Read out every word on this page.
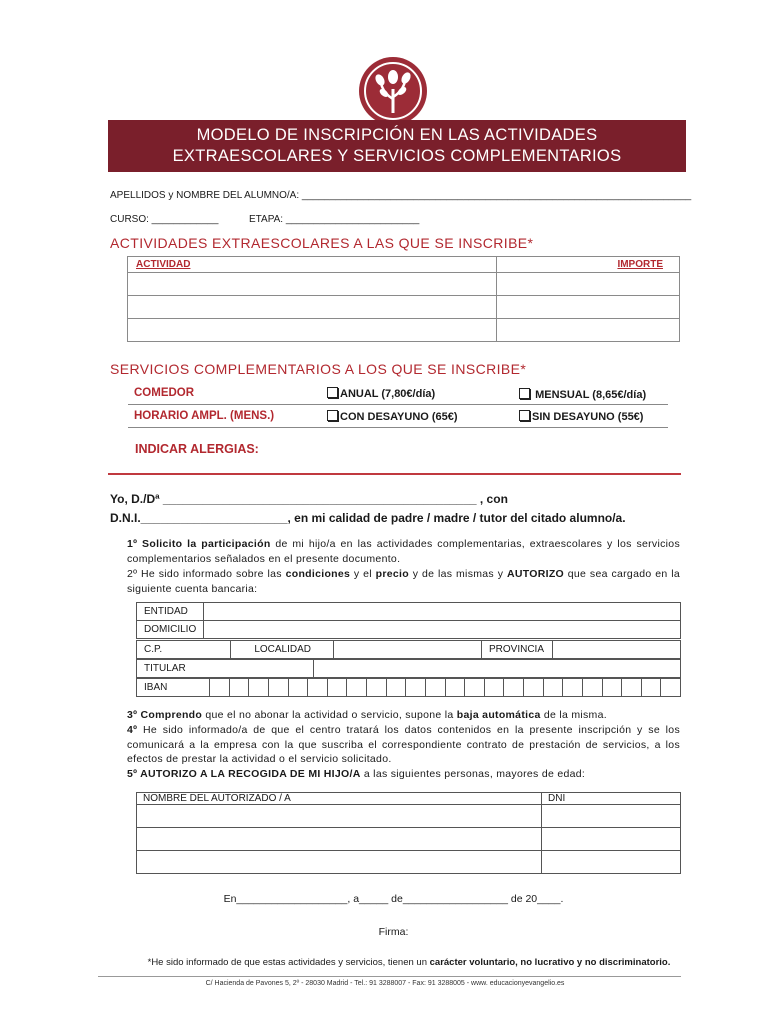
MODELO DE INSCRIPCIÓN EN LAS ACTIVIDADES
EXTRAESCOLARES Y SERVICIOS COMPLEMENTARIOS
APELLIDOS y NOMBRE DEL ALUMNO/A: ______________________________________________________________________
CURSO: ____________	ETAPA: ________________________
ACTIVIDADES EXTRAESCOLARES A LAS QUE SE INSCRIBE*
ACTIVIDAD	IMPORTE

SERVICIOS COMPLEMENTARIOS A LOS QUE SE INSCRIBE*
COMEDOR	ANUAL (7,80€/día)	MENSUAL (8,65€/día)
HORARIO AMPL. (MENS.)	CON DESAYUNO (65€)	SIN DESAYUNO (55€)
INDICAR ALERGIAS:
Yo, D./Dª _______________________________________________ , con
D.N.I.______________________, en mi calidad de padre / madre / tutor del citado alumno/a.
1º Solicito la participación de mi hijo/a en las actividades complementarias, extraescolares y los servicios complementarios señalados en el presente documento.
2º He sido informado sobre las condiciones y el precio y de las mismas y AUTORIZO que sea cargado en la siguiente cuenta bancaria:
ENTIDAD	
DOMICILIO	
C.P.	LOCALIDAD		PROVINCIA	
TITULAR	
IBAN																								
3º Comprendo que el no abonar la actividad o servicio, supone la baja automática de la misma.
4º He sido informado/a de que el centro tratará los datos contenidos en la presente inscripción y se los comunicará a la empresa con la que suscriba el correspondiente contrato de prestación de servicios, a los efectos de prestar la actividad o el servicio solicitado.
5º AUTORIZO A LA RECOGIDA DE MI HIJO/A a las siguientes personas, mayores de edad:
NOMBRE DEL AUTORIZADO / A	DNI

En___________________, a_____ de__________________ de 20____.
Firma:
*He sido informado de que estas actividades y servicios, tienen un carácter voluntario, no lucrativo y no discriminatorio.
C/ Hacienda de Pavones 5, 2º - 28030 Madrid - Tel.: 91 3288007 - Fax: 91 3288005 - www. educacionyevangelio.es
